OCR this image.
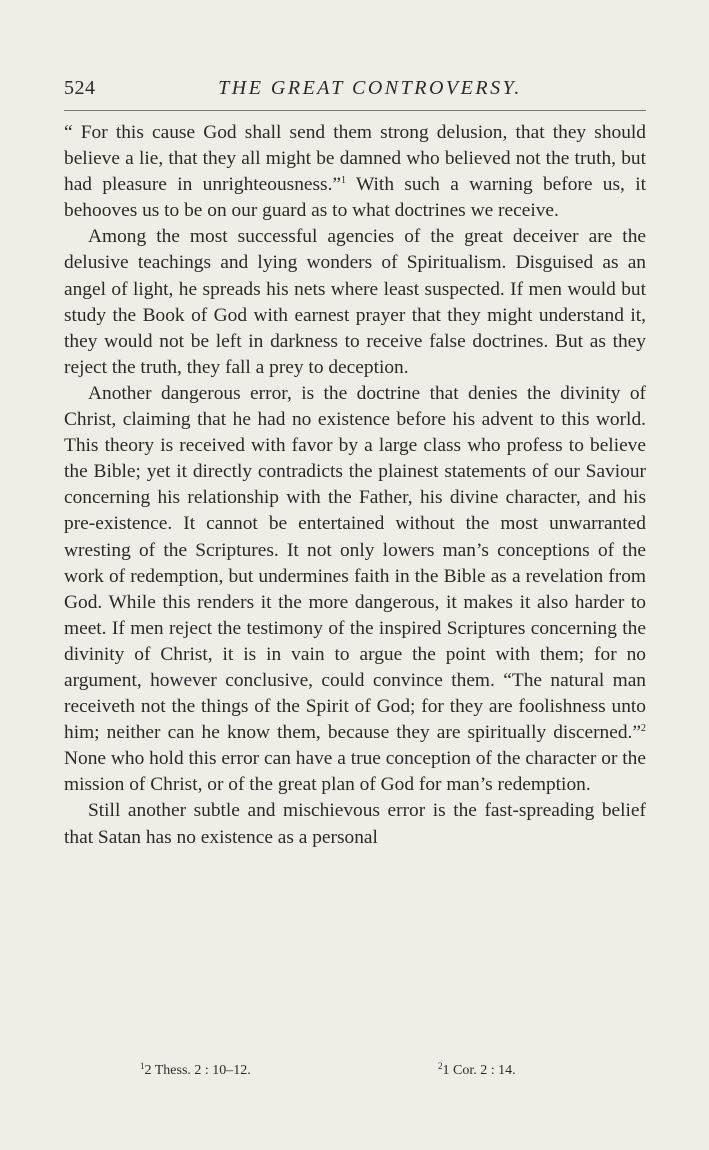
524	THE GREAT CONTROVERSY.

“ For this cause God shall send them strong delusion, that they should believe a lie, that they all might be damned who believed not the truth, but had pleasure in unrighteousness.”$^1$ With such a warning before us, it behooves us to be on our guard as to what doctrines we receive.

Among the most successful agencies of the great deceiver are the delusive teachings and lying wonders of Spiritualism. Disguised as an angel of light, he spreads his nets where least suspected. If men would but study the Book of God with earnest prayer that they might understand it, they would not be left in darkness to receive false doctrines. But as they reject the truth, they fall a prey to deception.

Another dangerous error, is the doctrine that denies the divinity of Christ, claiming that he had no existence before his advent to this world. This theory is received with favor by a large class who profess to believe the Bible; yet it directly contradicts the plainest statements of our Saviour concerning his relationship with the Father, his divine character, and his pre-existence. It cannot be entertained without the most unwarranted wresting of the Scriptures. It not only lowers man’s conceptions of the work of redemption, but undermines faith in the Bible as a revelation from God. While this renders it the more dangerous, it makes it also harder to meet. If men reject the testimony of the inspired Scriptures concerning the divinity of Christ, it is in vain to argue the point with them; for no argument, however conclusive, could convince them. “The natural man receiveth not the things of the Spirit of God; for they are foolishness unto him; neither can he know them, because they are spiritually discerned.”$^2$ None who hold this error can have a true conception of the character or the mission of Christ, or of the great plan of God for man’s redemption.

Still another subtle and mischievous error is the fast-spreading belief that Satan has no existence as a personal

$^1$2 Thess. 2 : 10–12.	$^2$1 Cor. 2 : 14.
